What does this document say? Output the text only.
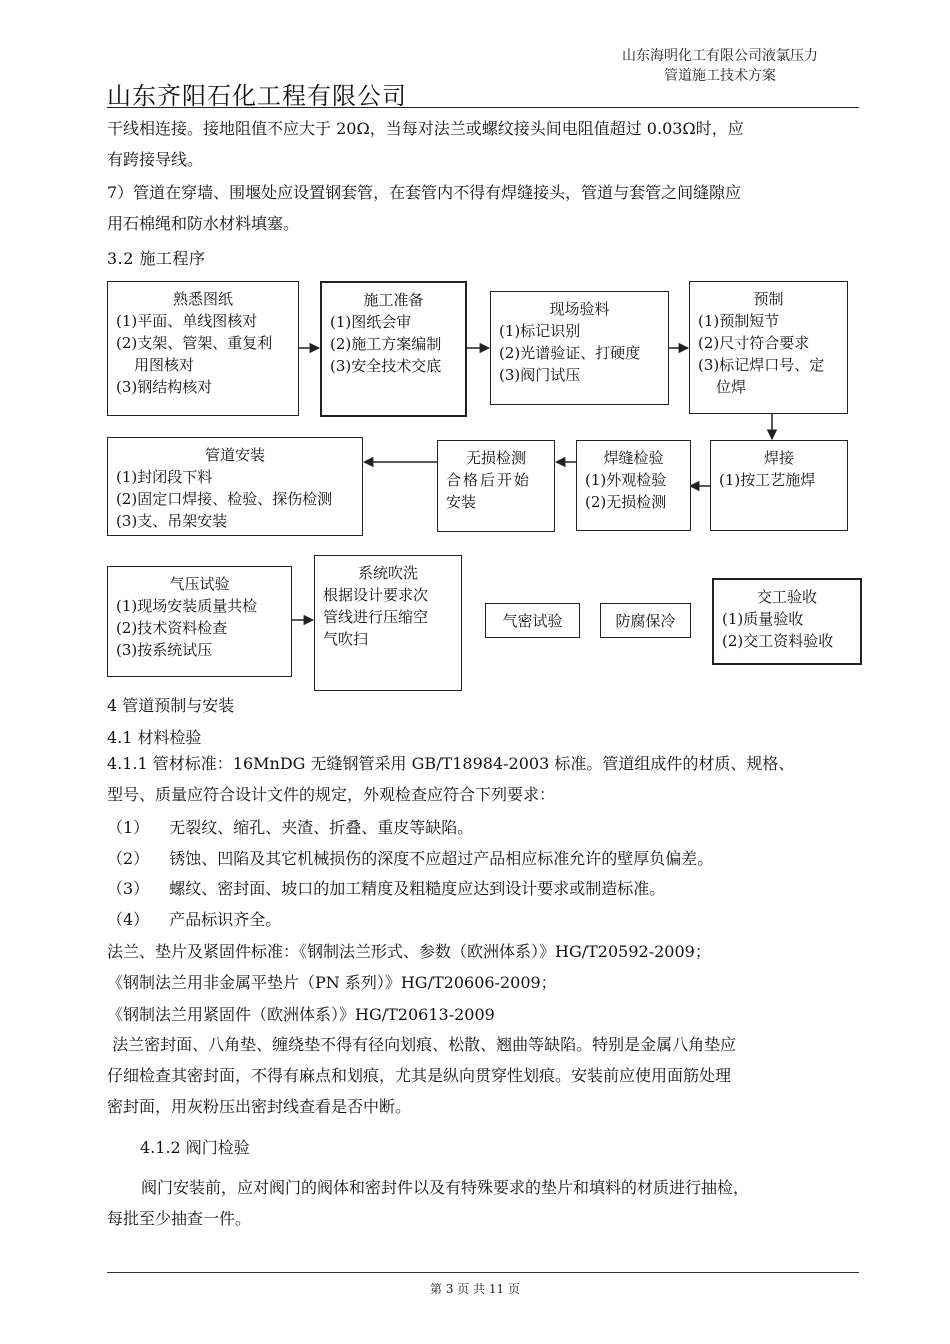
山东海明化工有限公司液氯压力
管道施工技术方案
山东齐阳石化工程有限公司
干线相连接。接地阻值不应大于 20Ω，当每对法兰或螺纹接头间电阻值超过 0.03Ω时，应
有跨接导线。
7）管道在穿墙、围堰处应设置钢套管，在套管内不得有焊缝接头，管道与套管之间缝隙应
用石棉绳和防水材料填塞。
3.2 施工程序
熟悉图纸
(1)平面、单线图核对
(2)支架、管架、重复利
用图核对
(3)钢结构核对
施工准备
(1)图纸会审
(2)施工方案编制
(3)安全技术交底
现场验料
(1)标记识别
(2)光谱验证、打硬度
(3)阀门试压
预制
(1)预制短节
(2)尺寸符合要求
(3)标记焊口号、定
位焊
焊接
(1)按工艺施焊
焊缝检验
(1)外观检验
(2)无损检测
无损检测
合格后开始
安装
管道安装
(1)封闭段下料
(2)固定口焊接、检验、探伤检测
(3)支、吊架安装
气压试验
(1)现场安装质量共检
(2)技术资料检查
(3)按系统试压
系统吹洗
根据设计要求次
管线进行压缩空
气吹扫
气密试验	防腐保冷
交工验收
(1)质量验收
(2)交工资料验收
4 管道预制与安装
4.1 材料检验
4.1.1 管材标准：16MnDG 无缝钢管采用 GB/T18984-2003 标准。管道组成件的材质、规格、
型号、质量应符合设计文件的规定，外观检查应符合下列要求：
（1） 无裂纹、缩孔、夹渣、折叠、重皮等缺陷。
（2） 锈蚀、凹陷及其它机械损伤的深度不应超过产品相应标准允许的壁厚负偏差。
（3） 螺纹、密封面、坡口的加工精度及粗糙度应达到设计要求或制造标准。
（4） 产品标识齐全。
法兰、垫片及紧固件标准：《钢制法兰形式、参数（欧洲体系）》HG/T20592-2009；
《钢制法兰用非金属平垫片（PN 系列）》HG/T20606-2009；
《钢制法兰用紧固件（欧洲体系）》HG/T20613-2009
法兰密封面、八角垫、缠绕垫不得有径向划痕、松散、翘曲等缺陷。特别是金属八角垫应
仔细检查其密封面，不得有麻点和划痕，尤其是纵向贯穿性划痕。安装前应使用面筋处理
密封面，用灰粉压出密封线查看是否中断。
4.1.2 阀门检验
阀门安装前，应对阀门的阀体和密封件以及有特殊要求的垫片和填料的材质进行抽检，
每批至少抽查一件。
第 3 页 共 11 页
